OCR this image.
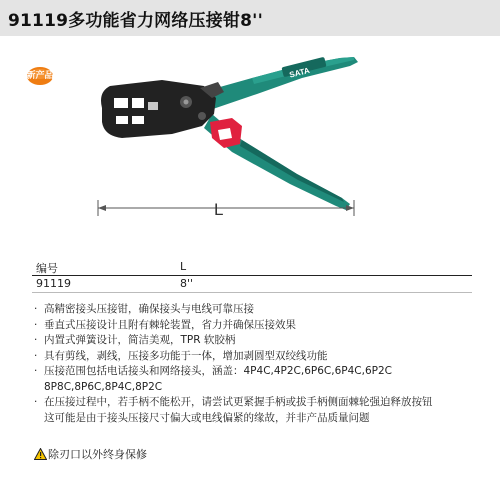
91119多功能省力网络压接钳8''
新产品	SATA
L
编号	L
91119	8''
· 高精密接头压接钳，确保接头与电线可靠压接
· 垂直式压接设计且附有棘轮装置，省力并确保压接效果
· 内置式弹簧设计，简洁美观，TPR 软胶柄
· 具有剪线，剥线，压接多功能于一体，增加剥圆型双绞线功能
· 压接范围包括电话接头和网络接头，涵盖：4P4C,4P2C,6P6C,6P4C,6P2C
8P8C,8P6C,8P4C,8P2C
· 在压接过程中，若手柄不能松开，请尝试更紧握手柄或拔手柄侧面棘轮强迫释放按钮
这可能是由于接头压接尺寸偏大或电线偏紧的缘故，并非产品质量问题
除刃口以外终身保修
